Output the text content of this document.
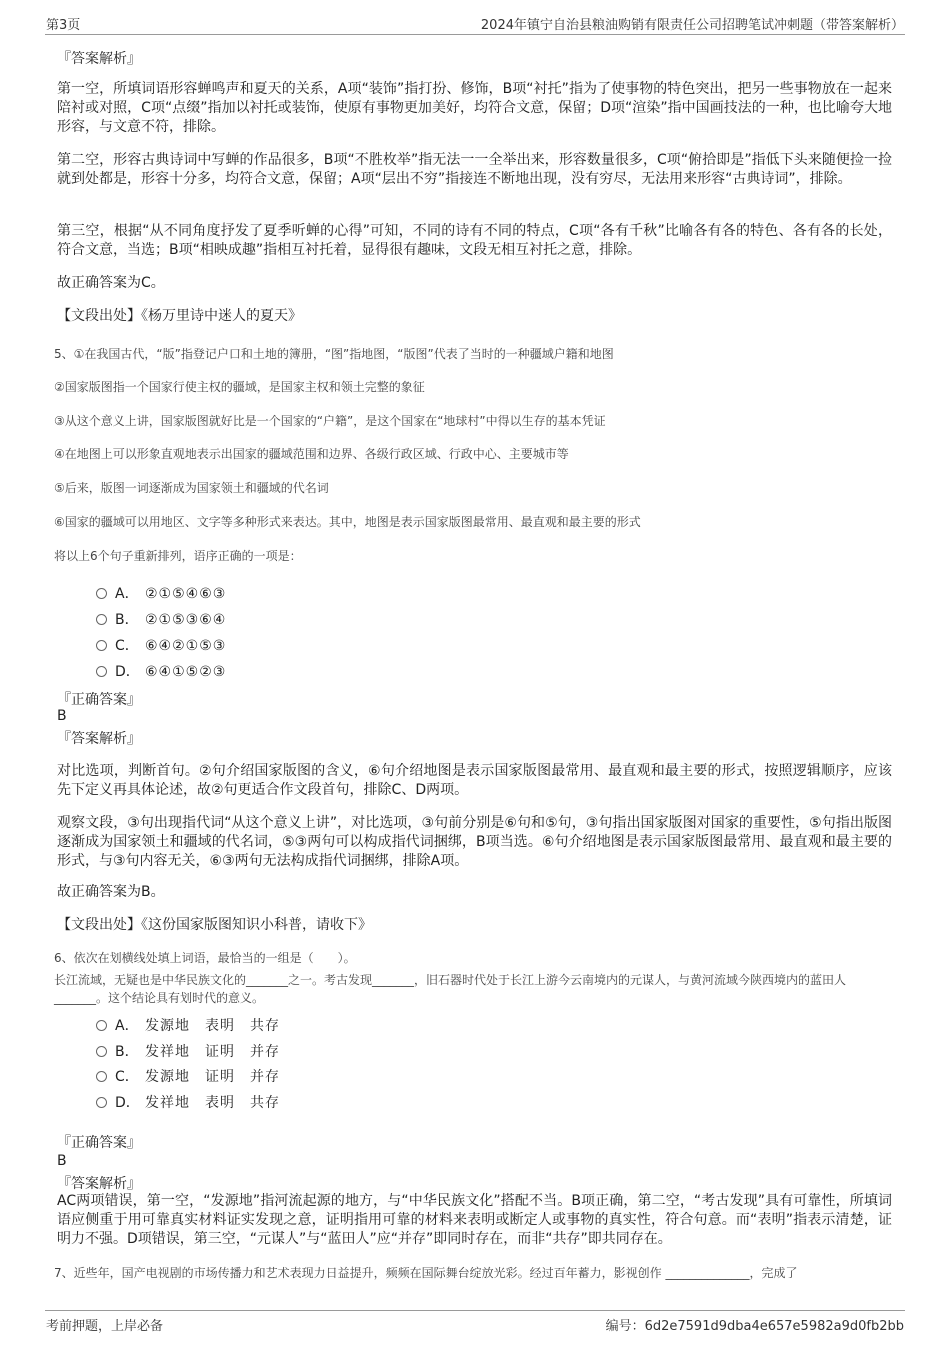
第3页	2024年镇宁自治县粮油购销有限责任公司招聘笔试冲刺题（带答案解析）
『答案解析』
第一空，所填词语形容蝉鸣声和夏天的关系，A项“装饰”指打扮、修饰，B项“衬托”指为了使事物的特色突出，把另一些事物放在一起来陪衬或对照，C项“点缀”指加以衬托或装饰，使原有事物更加美好，均符合文意，保留；D项“渲染”指中国画技法的一种，也比喻夸大地形容，与文意不符，排除。
第二空，形容古典诗词中写蝉的作品很多，B项“不胜枚举”指无法一一全举出来，形容数量很多，C项“俯拾即是”指低下头来随便捡一捡就到处都是，形容十分多，均符合文意，保留；A项“层出不穷”指接连不断地出现，没有穷尽，无法用来形容“古典诗词”，排除。
第三空，根据“从不同角度抒发了夏季听蝉的心得”可知，不同的诗有不同的特点，C项“各有千秋”比喻各有各的特色、各有各的长处，符合文意，当选；B项“相映成趣”指相互衬托着，显得很有趣味，文段无相互衬托之意，排除。
故正确答案为C。
【文段出处】《杨万里诗中迷人的夏天》
5、①在我国古代，“版”指登记户口和土地的簿册，“图”指地图，“版图”代表了当时的一种疆域户籍和地图
②国家版图指一个国家行使主权的疆域，是国家主权和领土完整的象征
③从这个意义上讲，国家版图就好比是一个国家的“户籍”，是这个国家在“地球村”中得以生存的基本凭证
④在地图上可以形象直观地表示出国家的疆域范围和边界、各级行政区域、行政中心、主要城市等
⑤后来，版图一词逐渐成为国家领土和疆域的代名词
⑥国家的疆域可以用地区、文字等多种形式来表达。其中，地图是表示国家版图最常用、最直观和最主要的形式
将以上6个句子重新排列，语序正确的一项是：
A． ②①⑤④⑥③
B． ②①⑤③⑥④
C． ⑥④②①⑤③
D． ⑥④①⑤②③
『正确答案』
B
『答案解析』
对比选项，判断首句。②句介绍国家版图的含义，⑥句介绍地图是表示国家版图最常用、最直观和最主要的形式，按照逻辑顺序，应该先下定义再具体论述，故②句更适合作文段首句，排除C、D两项。
观察文段，③句出现指代词“从这个意义上讲”，对比选项，③句前分别是⑥句和⑤句，③句指出国家版图对国家的重要性，⑤句指出版图逐渐成为国家领土和疆域的代名词，⑤③两句可以构成指代词捆绑，B项当选。⑥句介绍地图是表示国家版图最常用、最直观和最主要的形式，与③句内容无关，⑥③两句无法构成指代词捆绑，排除A项。
故正确答案为B。
【文段出处】《这份国家版图知识小科普，请收下》
6、依次在划横线处填上词语，最恰当的一组是（　　）。
长江流域，无疑也是中华民族文化的_______之一。考古发现_______，旧石器时代处于长江上游今云南境内的元谋人，与黄河流域今陕西境内的蓝田人_______。这个结论具有划时代的意义。
A． 发源地　表明　共存
B． 发祥地　证明　并存
C． 发源地　证明　并存
D． 发祥地　表明　共存
『正确答案』
B
『答案解析』
AC两项错误，第一空，“发源地”指河流起源的地方，与“中华民族文化”搭配不当。B项正确，第二空，“考古发现”具有可靠性，所填词语应侧重于用可靠真实材料证实发现之意，证明指用可靠的材料来表明或断定人或事物的真实性，符合句意。而“表明”指表示清楚，证明力不强。D项错误，第三空，“元谋人”与“蓝田人”应“并存”即同时存在，而非“共存”即共同存在。
7、近些年，国产电视剧的市场传播力和艺术表现力日益提升，频频在国际舞台绽放光彩。经过百年蓄力，影视创作 ______________，完成了
考前押题，上岸必备	编号：6d2e7591d9dba4e657e5982a9d0fb2bb
